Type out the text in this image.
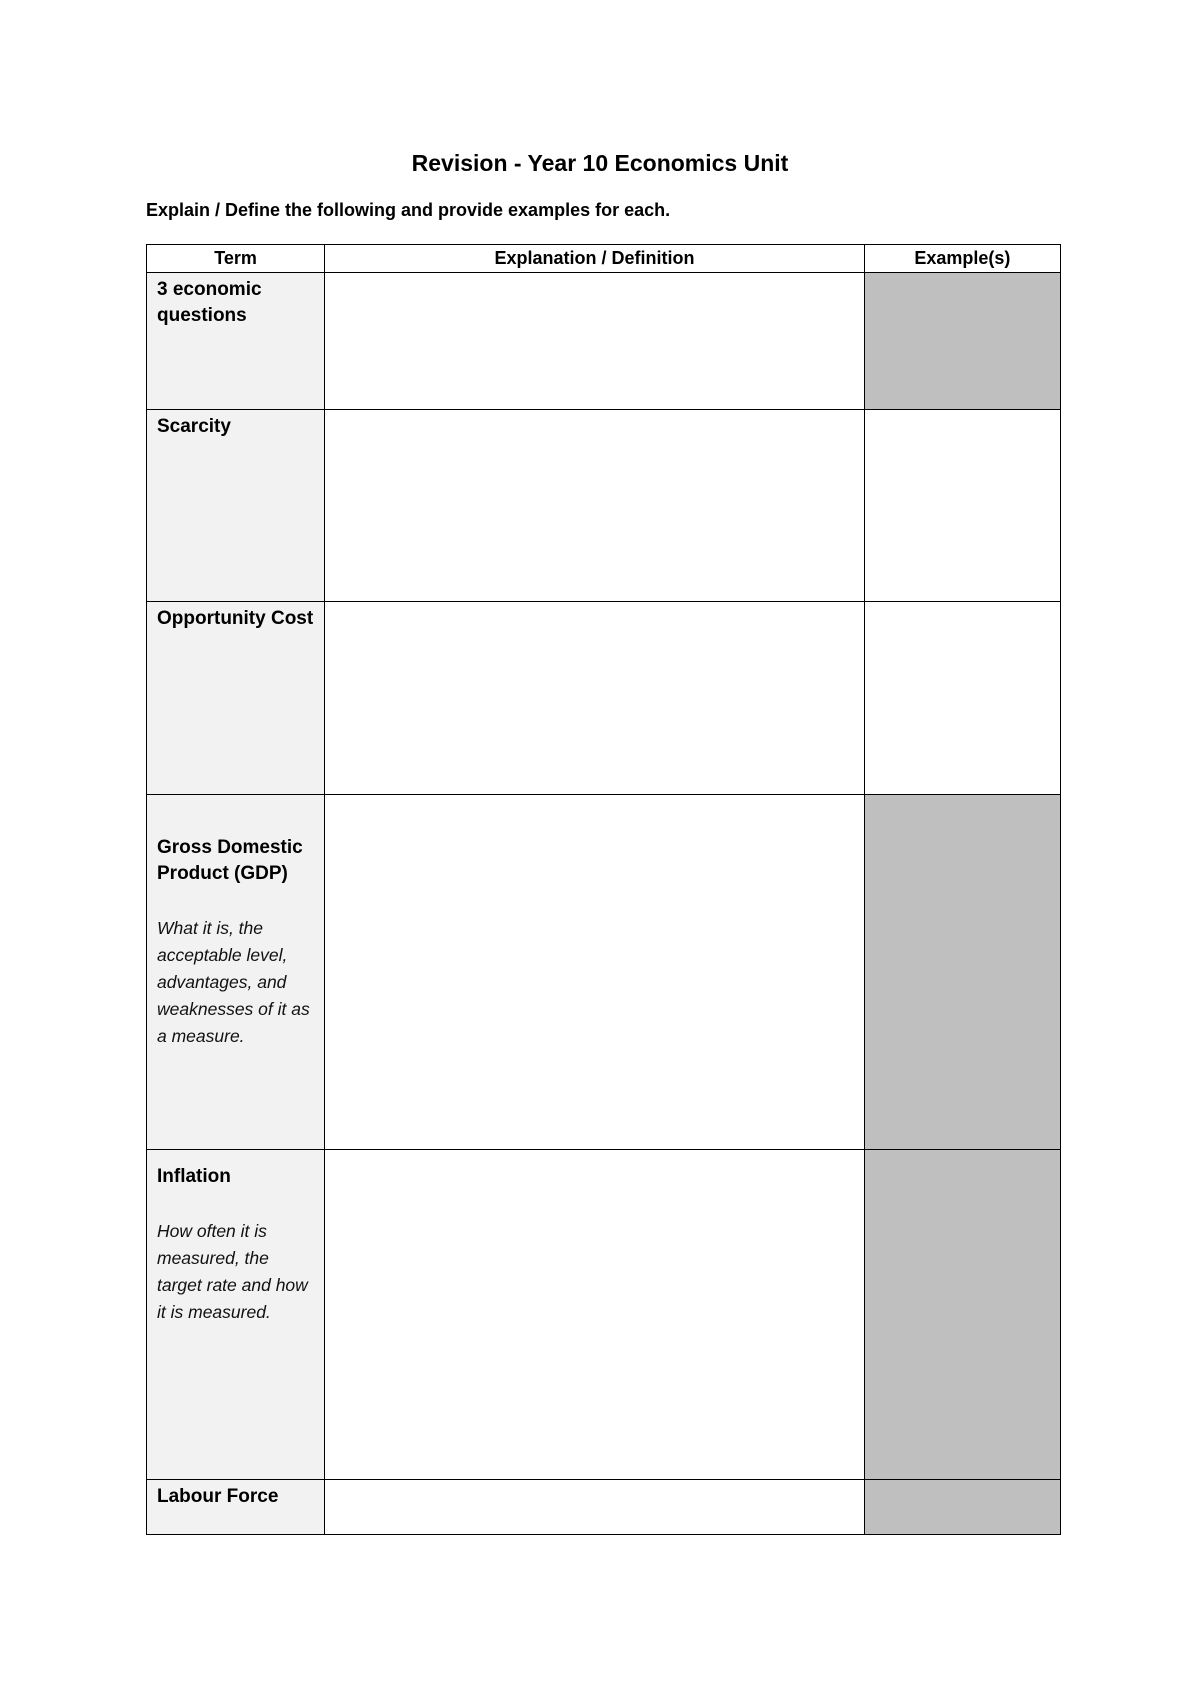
Revision - Year 10 Economics Unit
Explain / Define the following and provide examples for each.
Term	Explanation / Definition	Example(s)

3 economic questions		

Scarcity		

Opportunity Cost		

Gross Domestic Product (GDP)
What it is, the acceptable level, advantages, and weaknesses of it as a measure.		

Inflation
How often it is measured, the target rate and how it is measured.		

Labour Force		
